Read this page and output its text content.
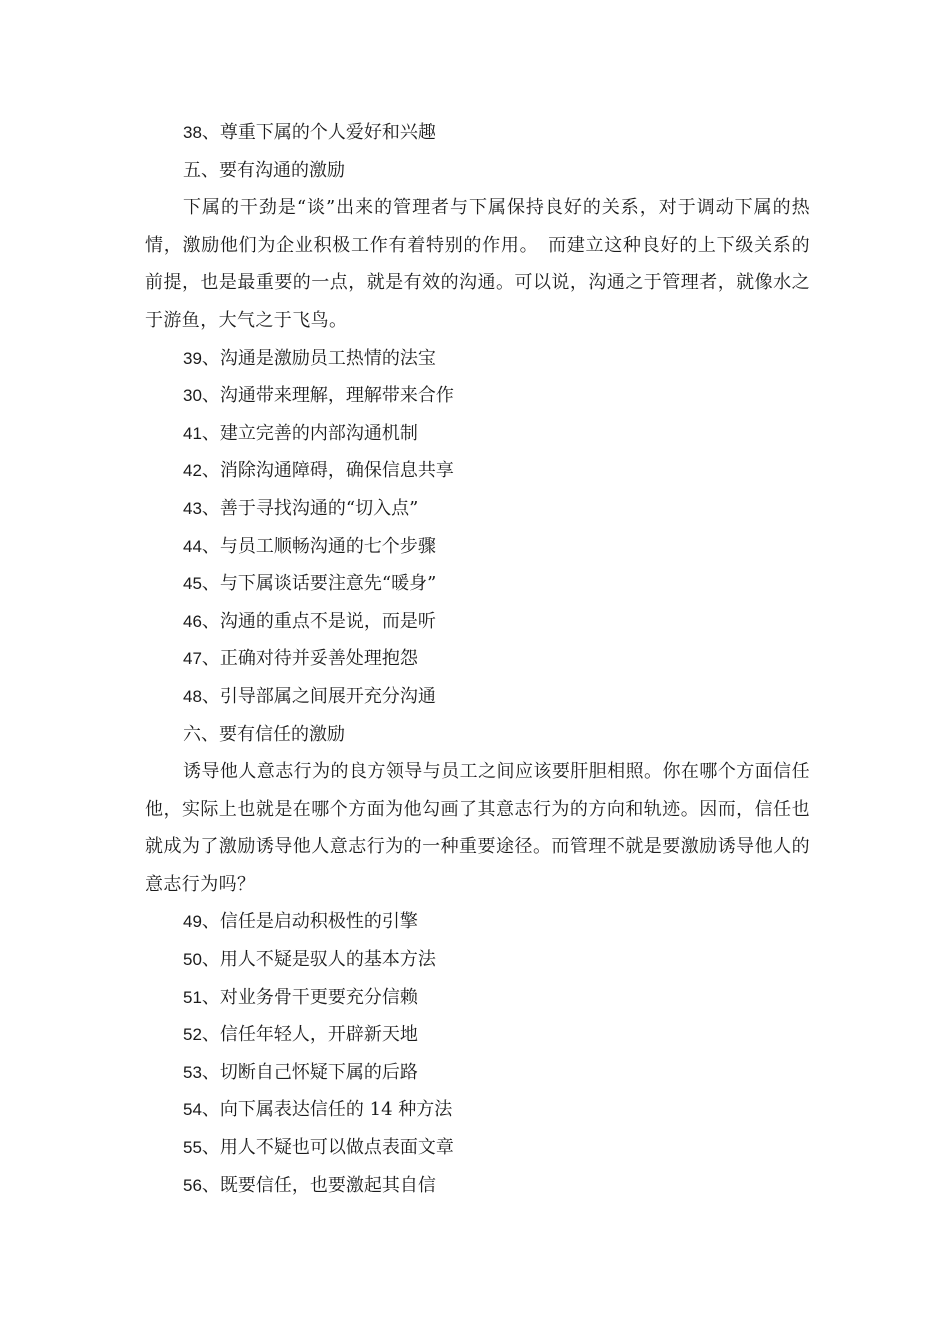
38、尊重下属的个人爱好和兴趣

五、要有沟通的激励

下属的干劲是“谈”出来的管理者与下属保持良好的关系，对于调动下属的热情，激励他们为企业积极工作有着特别的作用。　而建立这种良好的上下级关系的前提，也是最重要的一点，就是有效的沟通。可以说，沟通之于管理者，就像水之于游鱼，大气之于飞鸟。

39、沟通是激励员工热情的法宝

30、沟通带来理解，理解带来合作

41、建立完善的内部沟通机制

42、消除沟通障碍，确保信息共享

43、善于寻找沟通的“切入点”

44、与员工顺畅沟通的七个步骤

45、与下属谈话要注意先“暖身”

46、沟通的重点不是说，而是听

47、正确对待并妥善处理抱怨

48、引导部属之间展开充分沟通

六、要有信任的激励

诱导他人意志行为的良方领导与员工之间应该要肝胆相照。你在哪个方面信任他，实际上也就是在哪个方面为他勾画了其意志行为的方向和轨迹。因而，信任也就成为了激励诱导他人意志行为的一种重要途径。而管理不就是要激励诱导他人的意志行为吗？

49、信任是启动积极性的引擎

50、用人不疑是驭人的基本方法

51、对业务骨干更要充分信赖

52、信任年轻人，开辟新天地

53、切断自己怀疑下属的后路

54、向下属表达信任的 14 种方法

55、用人不疑也可以做点表面文章

56、既要信任，也要激起其自信
